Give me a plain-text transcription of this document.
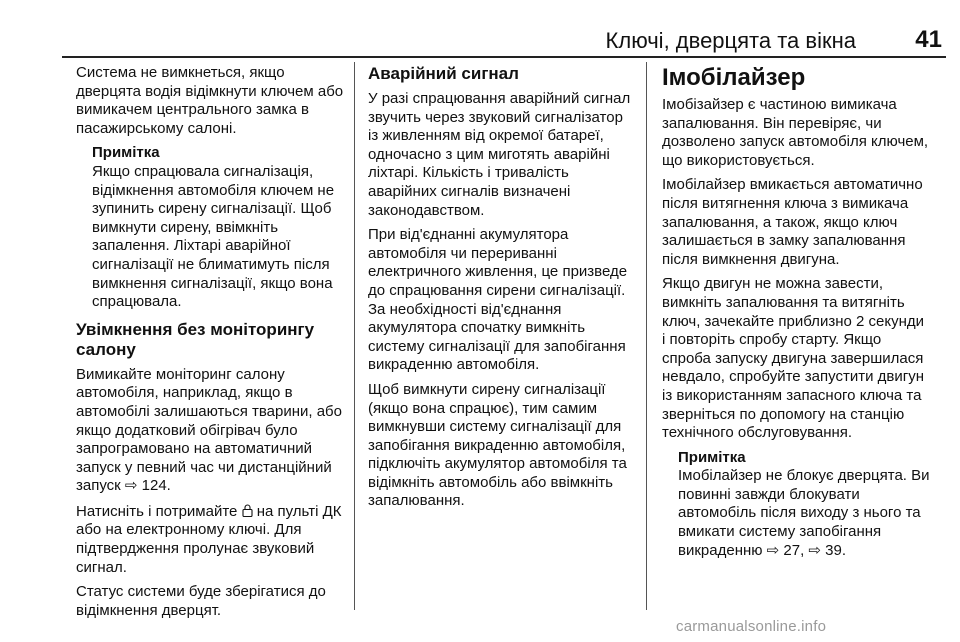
Ключі, дверцята та вікна 41

Система не вимкнеться, якщо дверцята водія відімкнути ключем або вимикачем центрального замка в пасажирському салоні.

Примітка
Якщо спрацювала сигналізація, відімкнення автомобіля ключем не зупинить сирену сигналізації. Щоб вимкнути сирену, ввімкніть запалення. Ліхтарі аварійної сигналізації не блиматимуть після вимкнення сигналізації, якщо вона спрацювала.
Увімкнення без моніторингу салону

Вимикайте моніторинг салону автомобіля, наприклад, якщо в автомобілі залишаються тварини, або якщо додатковий обігрівач було запрограмовано на автоматичний запуск у певний час чи дистанційний запуск ⇨ 124.

Натисніть і потримайте на пульті ДК або на електронному ключі. Для підтвердження пролунає звуковий сигнал.

Статус системи буде зберігатися до відімкнення дверцят.

Аварійний сигнал

У разі спрацювання аварійний сигнал звучить через звуковий сигналізатор із живленням від окремої батареї, одночасно з цим миготять аварійні ліхтарі. Кількість і тривалість аварійних сигналів визначені законодавством.

При від'єднанні акумулятора автомобіля чи перериванні електричного живлення, це призведе до спрацювання сирени сигналізації. За необхідності від'єднання акумулятора спочатку вимкніть систему сигналізації для запобігання викраденню автомобіля.

Щоб вимкнути сирену сигналізації (якщо вона спрацює), тим самим вимкнувши систему сигналізації для запобігання викраденню автомобіля, підключіть акумулятор автомобіля та відімкніть автомобіль або ввімкніть запалювання.

Імобілайзер

Імобізайзер є частиною вимикача запалювання. Він перевіряє, чи дозволено запуск автомобіля ключем, що використовується.

Імобілайзер вмикається автоматично після витягнення ключа з вимикача запалювання, а також, якщо ключ залишається в замку запалювання після вимкнення двигуна.

Якщо двигун не можна завести, вимкніть запалювання та витягніть ключ, зачекайте приблизно 2 секунди і повторіть спробу старту. Якщо спроба запуску двигуна завершилася невдало, спробуйте запустити двигун із використанням запасного ключа та зверніться по допомогу на станцію технічного обслуговування.

Примітка
Імобілайзер не блокує дверцята. Ви повинні завжди блокувати автомобіль після виходу з нього та вмикати систему запобігання викраденню ⇨ 27, ⇨ 39.
carmanualsonline.info
